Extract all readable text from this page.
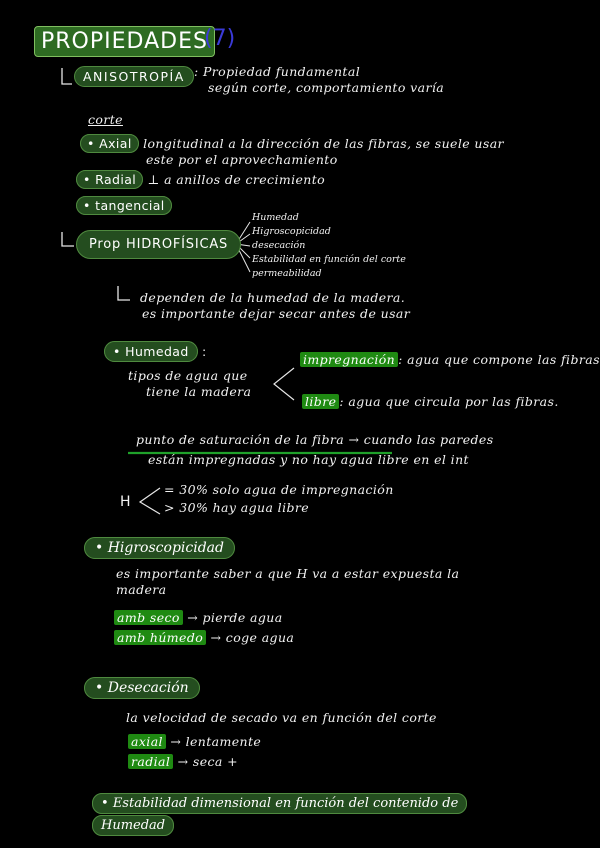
PROPIEDADES
(7)
ANISOTROPÍA : Propiedad fundamental
según corte, comportamiento varía
corte
• Axial longitudinal a la dirección de las fibras, se suele usar
este por el aprovechamiento
• Radial ⊥ a anillos de crecimiento
• tangencial
Prop HIDROFÍSICAS
Humedad
Higroscopicidad
desecación
Estabilidad en función del corte
permeabilidad
dependen de la humedad de la madera.
es importante dejar secar antes de usar
• Humedad :
tipos de agua que
tiene la madera
impregnación : agua que compone las fibras
libre : agua que circula por las fibras.
punto de saturación de la fibra → cuando las paredes
están impregnadas y no hay agua libre en el int
H
= 30% solo agua de impregnación
> 30% hay agua libre
• Higroscopicidad
es importante saber a que H va a estar expuesta la
madera
amb seco → pierde agua
amb húmedo → coge agua
• Desecación
la velocidad de secado va en función del corte
axial → lentamente
radial → seca +
• Estabilidad dimensional en función del contenido de
Humedad
